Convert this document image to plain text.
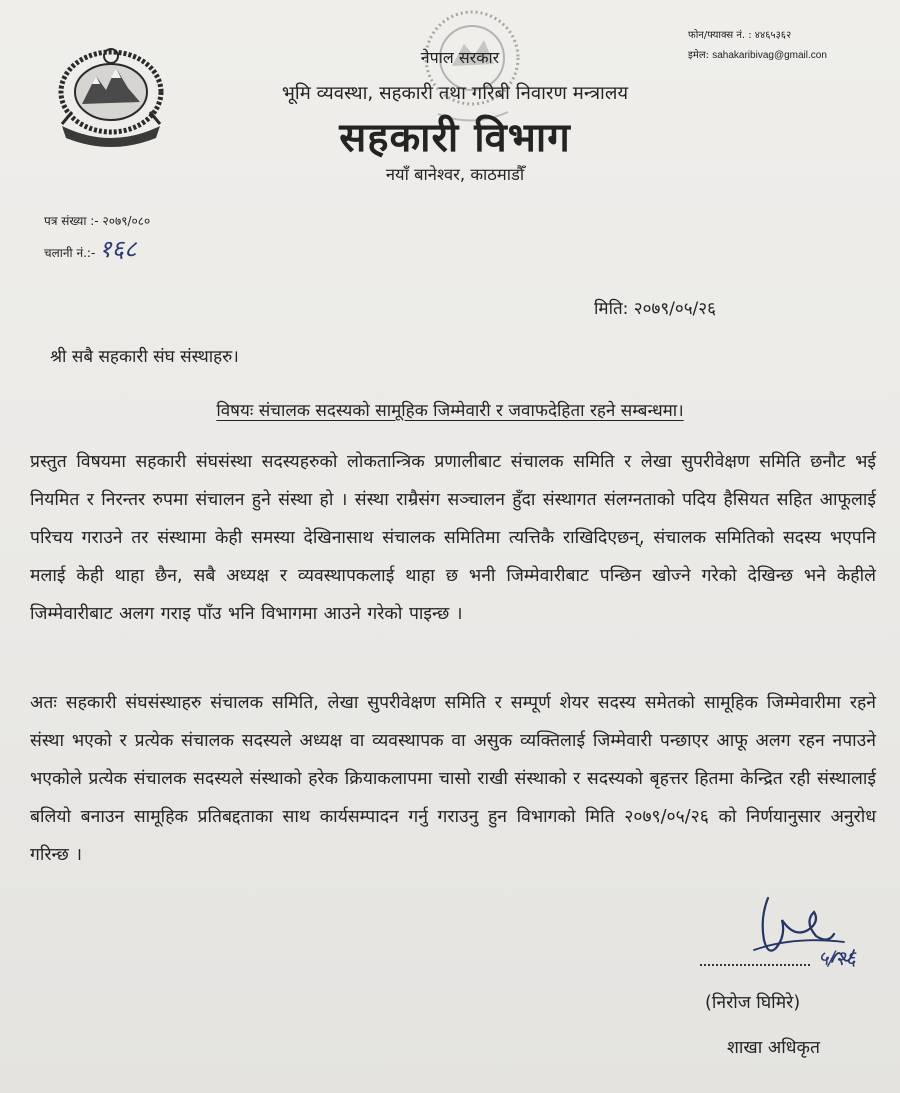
फोन/फ्याक्स नं. : ४४६५३६२
इमेल: sahakaribivag@gmail.con
नेपाल सरकार
भूमि व्यवस्था, सहकारी तथा गरिबी निवारण मन्त्रालय
सहकारी विभाग
नयाँ बानेश्वर, काठमाडौँ
पत्र संख्या :- २०७९/०८०
चलानी नं.:- १६८
मिति: २०७९/०५/२६
श्री सबै सहकारी संघ संस्थाहरु।
विषयः संचालक सदस्यको सामूहिक जिम्मेवारी र जवाफदेहिता रहने सम्बन्धमा।
प्रस्तुत विषयमा सहकारी संघसंस्था सदस्यहरुको लोकतान्त्रिक प्रणालीबाट संचालक समिति र लेखा सुपरीवेक्षण समिति छनौट भई नियमित र निरन्तर रुपमा संचालन हुने संस्था हो । संस्था राम्रैसंग सञ्चालन हुँदा संस्थागत संलग्नताको पदिय हैसियत सहित आफूलाई परिचय गराउने तर संस्थामा केही समस्या देखिनासाथ संचालक समितिमा त्यत्तिकै राखिदिएछन्, संचालक समितिको सदस्य भएपनि मलाई केही थाहा छैन, सबै अध्यक्ष र व्यवस्थापकलाई थाहा छ भनी जिम्मेवारीबाट पन्छिन खोज्ने गरेको देखिन्छ भने केहीले जिम्मेवारीबाट अलग गराइ पाँउ भनि विभागमा आउने गरेको पाइन्छ ।
अतः सहकारी संघसंस्थाहरु संचालक समिति, लेखा सुपरीवेक्षण समिति र सम्पूर्ण शेयर सदस्य समेतको सामूहिक जिम्मेवारीमा रहने संस्था भएको र प्रत्येक संचालक सदस्यले अध्यक्ष वा व्यवस्थापक वा असुक व्यक्तिलाई जिम्मेवारी पन्छाएर आफू अलग रहन नपाउने भएकोले प्रत्येक संचालक सदस्यले संस्थाको हरेक क्रियाकलापमा चासो राखी संस्थाको र सदस्यको बृहत्तर हितमा केन्द्रित रही संस्थालाई बलियो बनाउन सामूहिक प्रतिबद्दताका साथ कार्यसम्पादन गर्नु गराउनु हुन विभागको मिति २०७९/०५/२६ को निर्णयानुसार अनुरोध गरिन्छ ।
५/२६
(निरोज घिमिरे)
शाखा अधिकृत
